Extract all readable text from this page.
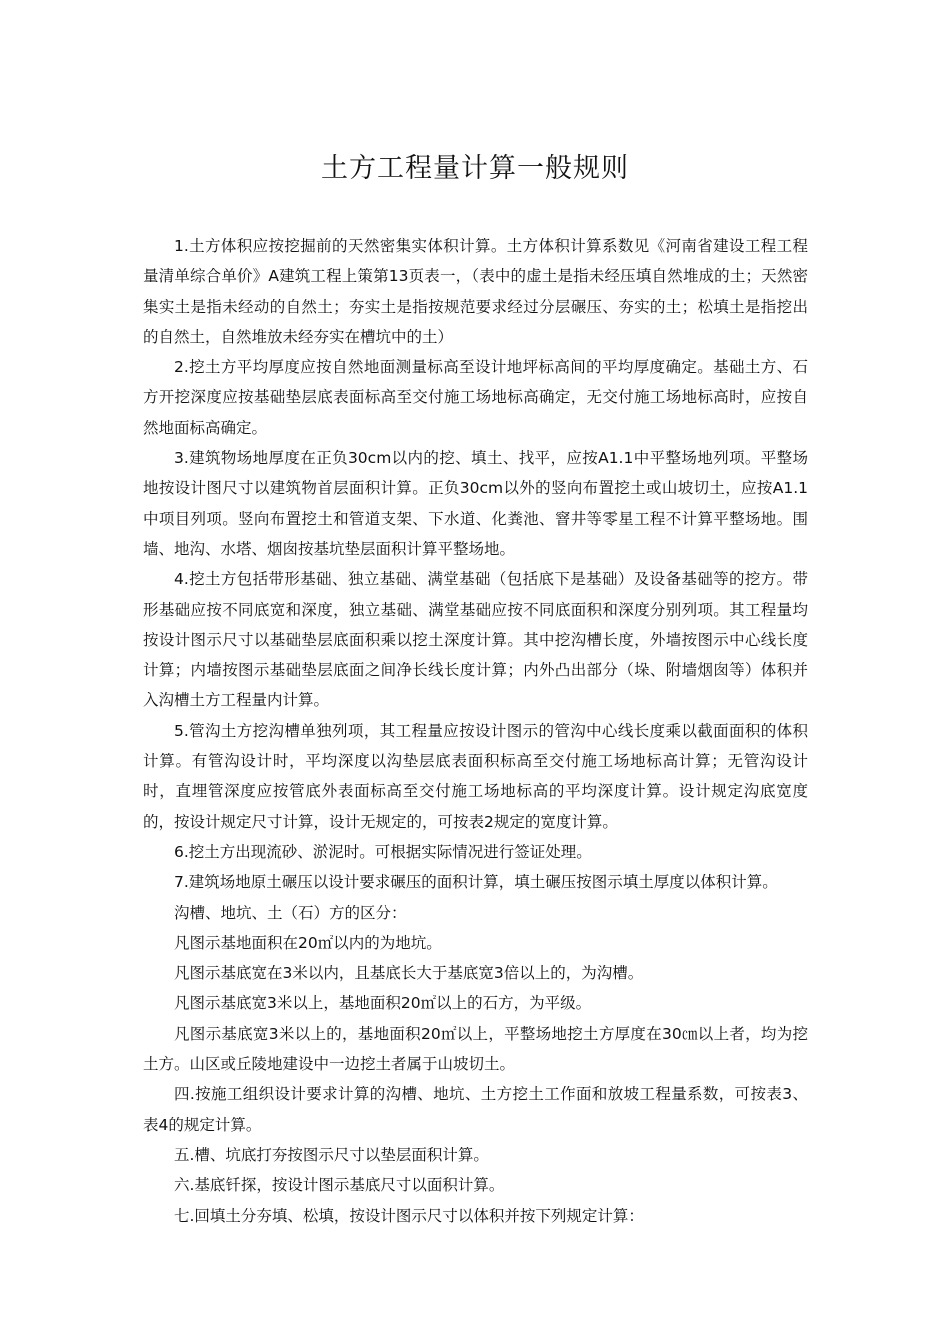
土方工程量计算一般规则

1.土方体积应按挖掘前的天然密集实体积计算。土方体积计算系数见《河南省建设工程工程量清单综合单价》A建筑工程上策第13页表一，（表中的虚土是指未经压填自然堆成的土；天然密集实土是指未经动的自然土；夯实土是指按规范要求经过分层碾压、夯实的土；松填土是指挖出的自然土，自然堆放未经夯实在槽坑中的土）

2.挖土方平均厚度应按自然地面测量标高至设计地坪标高间的平均厚度确定。基础土方、石方开挖深度应按基础垫层底表面标高至交付施工场地标高确定，无交付施工场地标高时，应按自然地面标高确定。

3.建筑物场地厚度在正负30cm以内的挖、填土、找平，应按A1.1中平整场地列项。平整场地按设计图尺寸以建筑物首层面积计算。正负30cm以外的竖向布置挖土或山坡切土，应按A1.1中项目列项。竖向布置挖土和管道支架、下水道、化粪池、窨井等零星工程不计算平整场地。围墙、地沟、水塔、烟囱按基坑垫层面积计算平整场地。

4.挖土方包括带形基础、独立基础、满堂基础（包括底下是基础）及设备基础等的挖方。带形基础应按不同底宽和深度，独立基础、满堂基础应按不同底面积和深度分别列项。其工程量均按设计图示尺寸以基础垫层底面积乘以挖土深度计算。其中挖沟槽长度，外墙按图示中心线长度计算；内墙按图示基础垫层底面之间净长线长度计算；内外凸出部分（垛、附墙烟囱等）体积并入沟槽土方工程量内计算。

5.管沟土方挖沟槽单独列项，其工程量应按设计图示的管沟中心线长度乘以截面面积的体积计算。有管沟设计时，平均深度以沟垫层底表面积标高至交付施工场地标高计算；无管沟设计时，直埋管深度应按管底外表面标高至交付施工场地标高的平均深度计算。设计规定沟底宽度的，按设计规定尺寸计算，设计无规定的，可按表2规定的宽度计算。

6.挖土方出现流砂、淤泥时。可根据实际情况进行签证处理。

7.建筑场地原土碾压以设计要求碾压的面积计算，填土碾压按图示填土厚度以体积计算。

沟槽、地坑、土（石）方的区分：

凡图示基地面积在20㎡以内的为地坑。

凡图示基底宽在3米以内，且基底长大于基底宽3倍以上的，为沟槽。

凡图示基底宽3米以上，基地面积20㎡以上的石方，为平级。

凡图示基底宽3米以上的，基地面积20㎡以上，平整场地挖土方厚度在30㎝以上者，均为挖土方。山区或丘陵地建设中一边挖土者属于山坡切土。

四.按施工组织设计要求计算的沟槽、地坑、土方挖土工作面和放坡工程量系数，可按表3、表4的规定计算。

五.槽、坑底打夯按图示尺寸以垫层面积计算。

六.基底钎探，按设计图示基底尺寸以面积计算。

七.回填土分夯填、松填，按设计图示尺寸以体积并按下列规定计算：
